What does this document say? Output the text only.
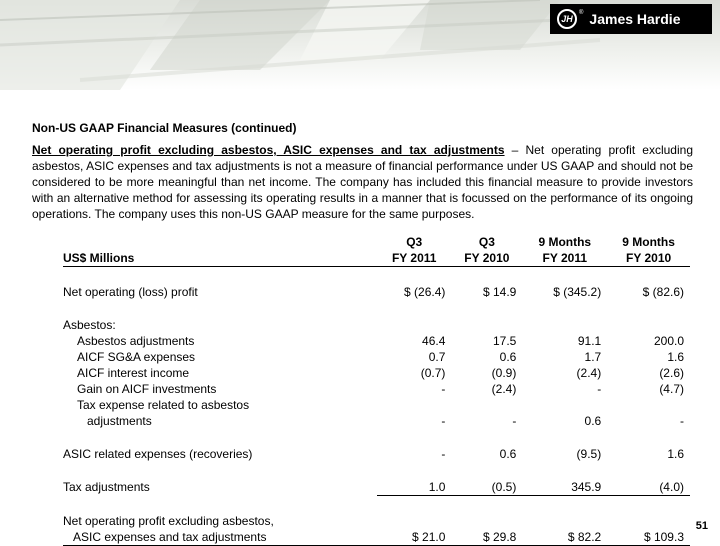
JH
® James Hardie
Non-US GAAP Financial Measures (continued)

Net operating profit excluding asbestos, ASIC expenses and tax adjustments – Net operating profit excluding asbestos, ASIC expenses and tax adjustments is not a measure of financial performance under US GAAP and should not be considered to be more meaningful than net income. The company has included this financial measure to provide investors with an alternative method for assessing its operating results in a manner that is focussed on the performance of its ongoing operations. The company uses this non-US GAAP measure for the same purposes.

	Q3	Q3	9 Months	9 Months
US$ Millions	FY 2011	FY 2010	FY 2011	FY 2010

Net operating (loss) profit	$ (26.4)	$ 14.9	$ (345.2)	$ (82.6)

Asbestos:				
Asbestos adjustments	46.4	17.5	91.1	200.0
AICF SG&A expenses	0.7	0.6	1.7	1.6
AICF interest income	(0.7)	(0.9)	(2.4)	(2.6)
Gain on AICF investments	-	(2.4)	-	(4.7)
Tax expense related to asbestos				
adjustments	-	-	0.6	-

ASIC related expenses (recoveries)	-	0.6	(9.5)	1.6

Tax adjustments	1.0	(0.5)	345.9	(4.0)

Net operating profit excluding asbestos,				
ASIC expenses and tax adjustments	$ 21.0	$ 29.8	$ 82.2	$ 109.3
51
